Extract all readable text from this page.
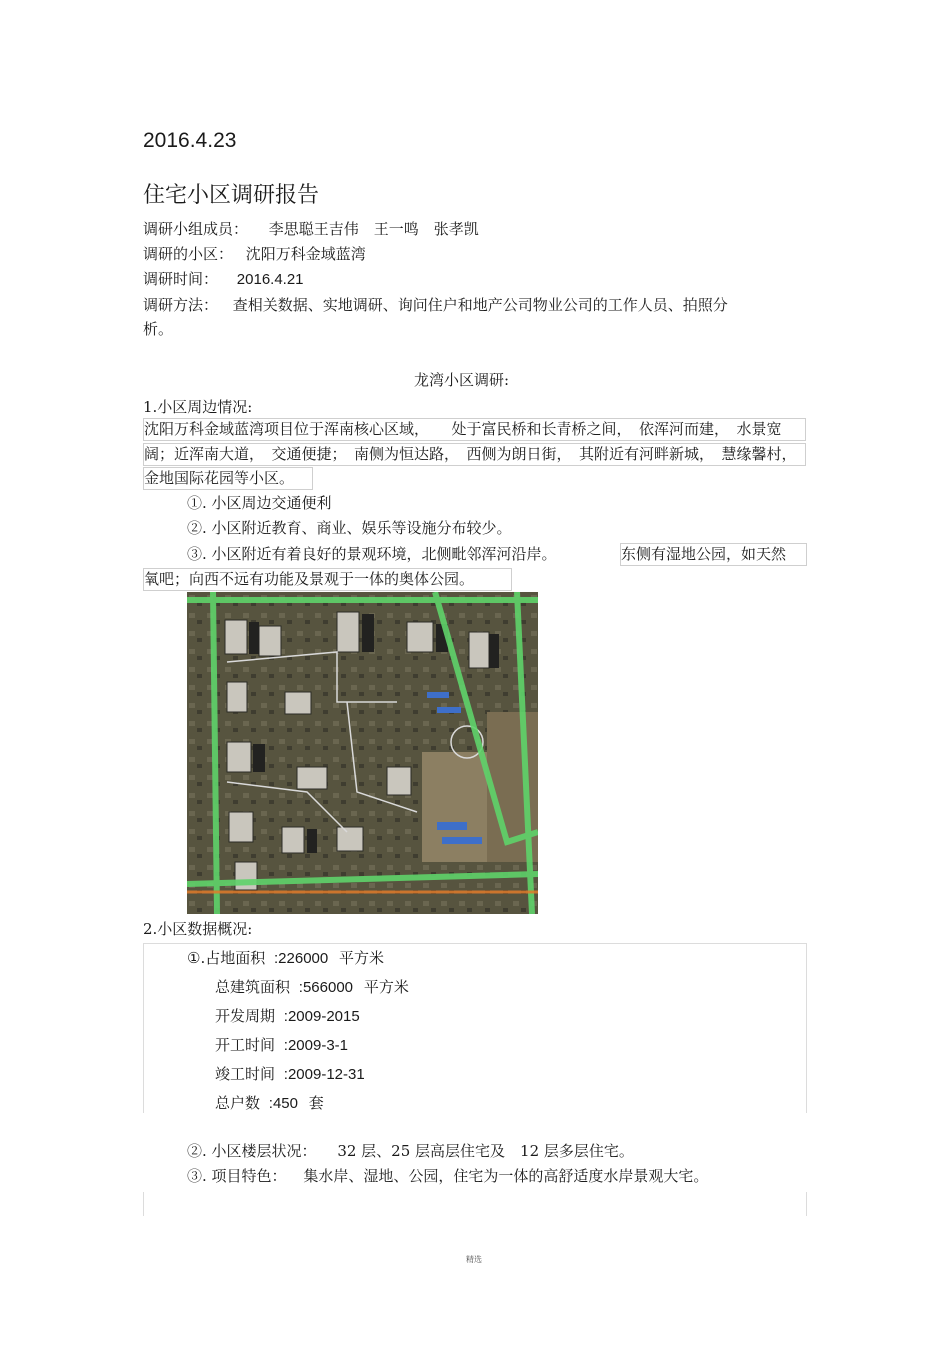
2016.4.23
住宅小区调研报告
调研小组成员： 李思聪王吉伟　王一鸣　张孝凯
调研的小区： 沈阳万科金域蓝湾
调研时间： 2016.4.21
调研方法： 查相关数据、实地调研、询问住户和地产公司物业公司的工作人员、拍照分
析。
龙湾小区调研:
1.小区周边情况:
沈阳万科金域蓝湾项目位于浑南核心区域，　　处于富民桥和长青桥之间，　依浑河而建，　水景宽
阔；近浑南大道，　交通便捷；　南侧为恒达路，　西侧为朗日街，　其附近有河畔新城，　慧缘馨村，
金地国际花园等小区。
①. 小区周边交通便利
②. 小区附近教育、商业、娱乐等设施分布较少。
③. 小区附近有着良好的景观环境，北侧毗邻浑河沿岸。	东侧有湿地公园，如天然
氧吧；向西不远有功能及景观于一体的奥体公园。
2.小区数据概况:
①.占地面积 :226000 平方米
总建筑面积 :566000 平方米
开发周期 :2009-2015
开工时间 :2009-3-1
竣工时间 :2009-12-31
总户数 :450 套
②. 小区楼层状况： 32 层、25 层高层住宅及　12 层多层住宅。
③. 项目特色： 集水岸、湿地、公园，住宅为一体的高舒适度水岸景观大宅。
精选
